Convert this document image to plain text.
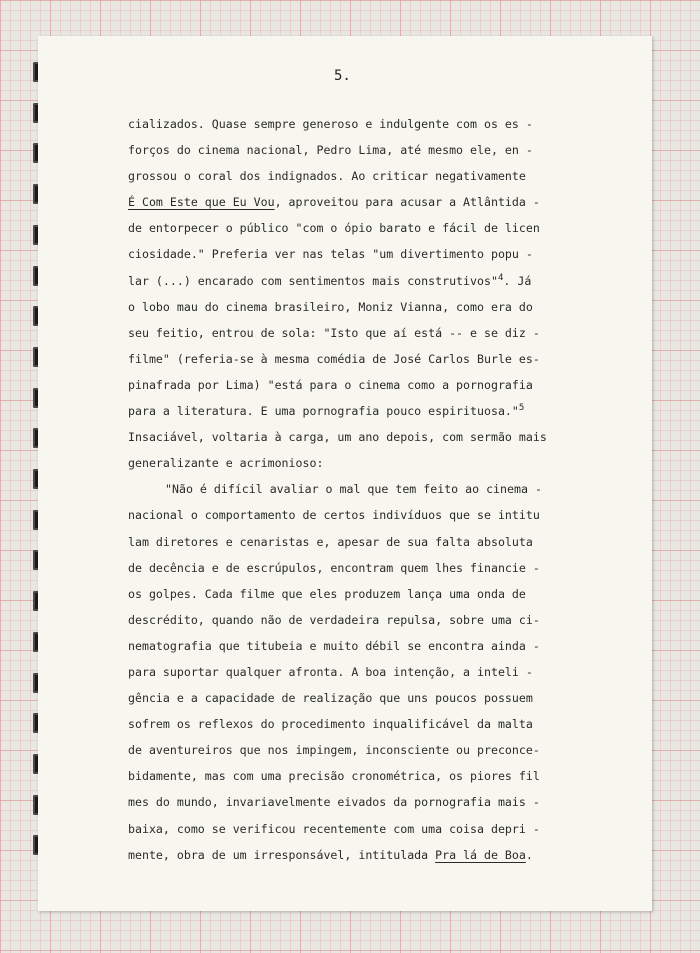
5.
cializados. Quase sempre generoso e indulgente com os es -
forços do cinema nacional, Pedro Lima, até mesmo ele, en -
grossou o coral dos indignados. Ao criticar negativamente
É Com Este que Eu Vou, aproveitou para acusar a Atlântida -
de entorpecer o público "com o ópio barato e fácil de licen
ciosidade." Preferia ver nas telas "um divertimento popu -
lar (...) encarado com sentimentos mais construtivos"$^4$. Já
o lobo mau do cinema brasileiro, Moniz Vianna, como era do
seu feitio, entrou de sola: "Isto que aí está -- e se diz -
filme" (referia-se à mesma comédia de José Carlos Burle es-
pinafrada por Lima) "está para o cinema como a pornografia
para a literatura. E uma pornografia pouco espirituosa."$^5$
Insaciável, voltaria à carga, um ano depois, com sermão mais
generalizante e acrimonioso:
"Não é difícil avaliar o mal que tem feito ao cinema -
nacional o comportamento de certos indivíduos que se intitu
lam diretores e cenaristas e, apesar de sua falta absoluta
de decência e de escrúpulos, encontram quem lhes financie -
os golpes. Cada filme que eles produzem lança uma onda de
descrédito, quando não de verdadeira repulsa, sobre uma ci-
nematografia que titubeia e muito débil se encontra ainda -
para suportar qualquer afronta. A boa intenção, a inteli -
gência e a capacidade de realização que uns poucos possuem
sofrem os reflexos do procedimento inqualificável da malta
de aventureiros que nos impingem, inconsciente ou preconce-
bidamente, mas com uma precisão cronométrica, os piores fil
mes do mundo, invariavelmente eivados da pornografia mais -
baixa, como se verificou recentemente com uma coisa depri -
mente, obra de um irresponsável, intitulada Pra lá de Boa.
